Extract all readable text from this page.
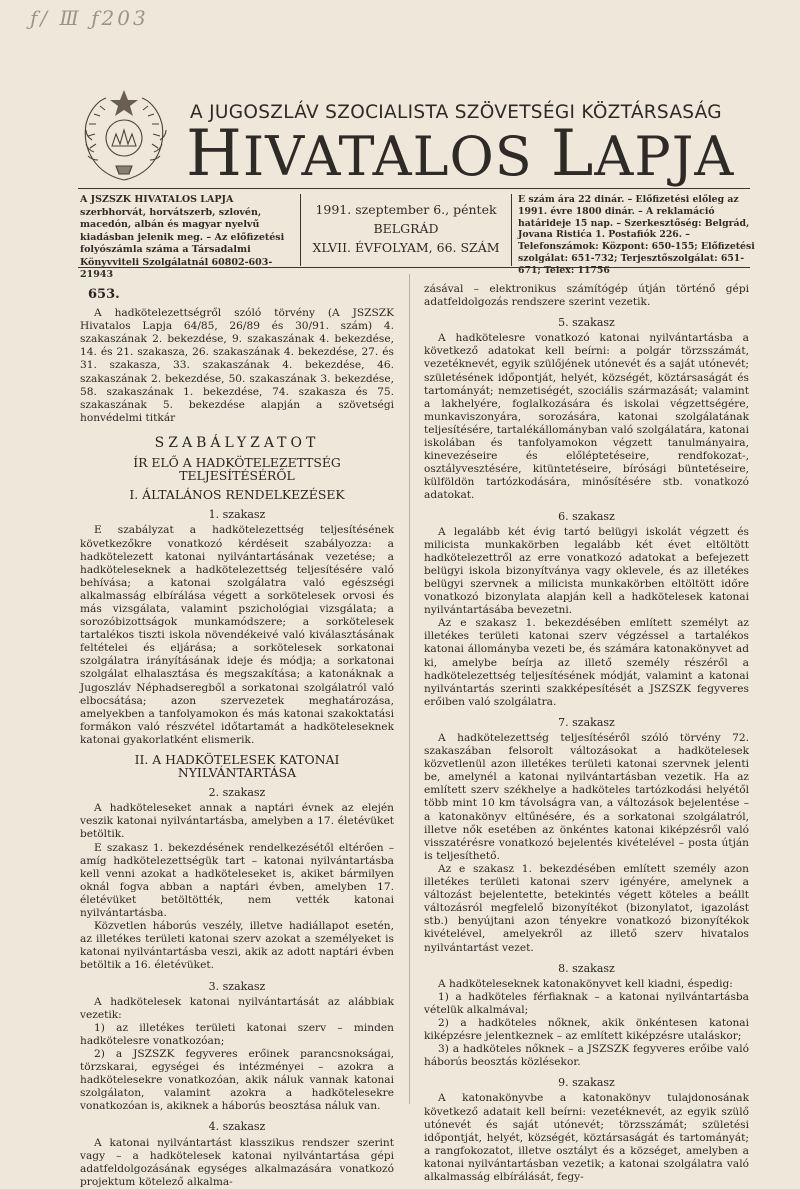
ƒ/ Ⅲ ƒ203
A JUGOSZLÁV SZOCIALISTA SZÖVETSÉGI KÖZTÁRSASÁG
HIVATALOS LAPJA
A JSZSZK HIVATALOS LAPJA szerbhorvát, horvátszerb, szlovén, macedón, albán és magyar nyelvű kiadásban jelenik meg. – Az előfizetési folyószámla száma a Társadalmi Könyvviteli Szolgálatnál 60802-603-21943
1991. szeptember 6., péntek
BELGRÁD
XLVII. ÉVFOLYAM, 66. SZÁM
E szám ára 22 dinár. – Előfizetési előleg az 1991. évre 1800 dinár. – A reklamáció határideje 15 nap. – Szerkesztőség: Belgrád, Jovana Ristića 1. Postafiók 226. – Telefonszámok: Központ: 650-155; Előfizetési szolgálat: 651-732; Terjesztőszolgálat: 651-671; Telex: 11756
653.

A hadkötelezettségről szóló törvény (A JSZSZK Hivatalos Lapja 64/85, 26/89 és 30/91. szám) 4. szakaszának 2. bekezdése, 9. szakaszának 4. bekezdése, 14. és 21. szakasza, 26. szakaszának 4. bekezdése, 27. és 31. szakasza, 33. szakaszának 4. bekezdése, 46. szakaszának 2. bekezdése, 50. szakaszának 3. bekezdése, 58. szakaszának 1. bekezdése, 74. szakasza és 75. szakaszának 5. bekezdése alapján a szövetségi honvédelmi titkár

SZABÁLYZATOT
ÍR ELŐ A HADKÖTELEZETTSÉG TELJESÍTÉSÉRŐL
I. ÁLTALÁNOS RENDELKEZÉSEK
1. szakasz

E szabályzat a hadkötelezettség teljesítésének következőkre vonatkozó kérdéseit szabályozza: a hadkötelezett katonai nyilvántartásának vezetése; a hadköteleseknek a hadkötelezettség teljesítésére való behívása; a katonai szolgálatra való egészségi alkalmasság elbírálása végett a sorkötelesek orvosi és más vizsgálata, valamint pszichológiai vizsgálata; a sorozóbizottságok munkamódszere; a sorkötelesek tartalékos tiszti iskola növendékeivé való kiválasztásának feltételei és eljárása; a sorkötelesek sorkatonai szolgálatra irányításának ideje és módja; a sorkatonai szolgálat elhalasztása és megszakítása; a katonáknak a Jugoszláv Néphadseregből a sorkatonai szolgálatról való elbocsátása; azon szervezetek meghatározása, amelyekben a tanfolyamokon és más katonai szakoktatási formákon való részvétel időtartamát a hadköteleseknek katonai gyakorlatként elismerik.

II. A HADKÖTELESEK KATONAI NYILVÁNTARTÁSA
2. szakasz

A hadköteleseket annak a naptári évnek az elején veszik katonai nyilvántartásba, amelyben a 17. életévüket betöltik.

E szakasz 1. bekezdésének rendelkezésétől eltérően – amíg hadkötelezettségük tart – katonai nyilvántartásba kell venni azokat a hadköteleseket is, akiket bármilyen oknál fogva abban a naptári évben, amelyben 17. életévüket betöltötték, nem vették katonai nyilvántartásba.

Közvetlen háborús veszély, illetve hadiállapot esetén, az illetékes területi katonai szerv azokat a személyeket is katonai nyilvántartásba veszi, akik az adott naptári évben betöltik a 16. életévüket.

3. szakasz

A hadkötelesek katonai nyilvántartását az alábbiak vezetik:

1) az illetékes területi katonai szerv – minden hadkötelesre vonatkozóan;

2) a JSZSZK fegyveres erőinek parancsnokságai, törzskarai, egységei és intézményei – azokra a hadkötelesekre vonatkozóan, akik náluk vannak katonai szolgálaton, valamint azokra a hadkötelesekre vonatkozóan is, akiknek a háborús beosztása náluk van.

4. szakasz

A katonai nyilvántartást klasszikus rendszer szerint vagy – a hadkötelesek katonai nyilvántartása gépi adatfeldolgozásának egységes alkalmazására vonatkozó projektum kötelező alkalma-

zásával – elektronikus számítógép útján történő gépi adatfeldolgozás rendszere szerint vezetik.

5. szakasz

A hadkötelesre vonatkozó katonai nyilvántartásba a következő adatokat kell beírni: a polgár törzsszámát, vezetéknevét, egyik szülőjének utónevét és a saját utónevét; születésének időpontját, helyét, községét, köztársaságát és tartományát; nemzetiségét, szociális származását; valamint a lakhelyére, foglalkozására és iskolai végzettségére, munkaviszonyára, sorozására, katonai szolgálatának teljesítésére, tartalékállományban való szolgálatára, katonai iskolában és tanfolyamokon végzett tanulmányaira, kinevezéseire és előléptetéseire, rendfokozat-, osztályvesztésére, kitüntetéseire, bírósági büntetéseire, külföldön tartózkodására, minősítésére stb. vonatkozó adatokat.

6. szakasz

A legalább két évig tartó belügyi iskolát végzett és milicista munkakörben legalább két évet eltöltött hadkötelezettről az erre vonatkozó adatokat a befejezett belügyi iskola bizonyítványa vagy oklevele, és az illetékes belügyi szervnek a milicista munkakörben eltöltött időre vonatkozó bizonylata alapján kell a hadkötelesek katonai nyilvántartásába bevezetni.

Az e szakasz 1. bekezdésében említett személyt az illetékes területi katonai szerv végzéssel a tartalékos katonai állományba vezeti be, és számára katonakönyvet ad ki, amelybe beírja az illető személy részéről a hadkötelezettség teljesítésének módját, valamint a katonai nyilvántartás szerinti szakképesítését a JSZSZK fegyveres erőiben való szolgálatra.

7. szakasz

A hadkötelezettség teljesítéséről szóló törvény 72. szakaszában felsorolt változásokat a hadkötelesek közvetlenül azon illetékes területi katonai szervnek jelenti be, amelynél a katonai nyilvántartásban vezetik. Ha az említett szerv székhelye a hadköteles tartózkodási helyétől több mint 10 km távolságra van, a változások bejelentése – a katonakönyv eltűnésére, és a sorkatonai szolgálatról, illetve nők esetében az önkéntes katonai kiképzésről való visszatérésre vonatkozó bejelentés kivételével – posta útján is teljesíthető.

Az e szakasz 1. bekezdésében említett személy azon illetékes területi katonai szerv igényére, amelynek a változást bejelentette, betekintés végett köteles a beállt változásról megfelelő bizonyítékot (bizonylatot, igazolást stb.) benyújtani azon tényekre vonatkozó bizonyítékok kivételével, amelyekről az illető szerv hivatalos nyilvántartást vezet.

8. szakasz

A hadköteleseknek katonakönyvet kell kiadni, éspedig:

1) a hadköteles férfiaknak – a katonai nyilvántartásba vételük alkalmával;

2) a hadköteles nőknek, akik önkéntesen katonai kiképzésre jelentkeznek – az említett kiképzésre utaláskor;

3) a hadköteles nőknek – a JSZSZK fegyveres erőibe való háborús beosztás közlésekor.

9. szakasz

A katonakönyvbe a katonakönyv tulajdonosának következő adatait kell beírni: vezetéknevét, az egyik szülő utónevét és saját utónevét; törzsszámát; születési időpontját, helyét, községét, köztársaságát és tartományát; a rangfokozatot, illetve osztályt és a községet, amelyben a katonai nyilvántartásban vezetik; a katonai szolgálatra való alkalmasság elbírálását, fegy-
